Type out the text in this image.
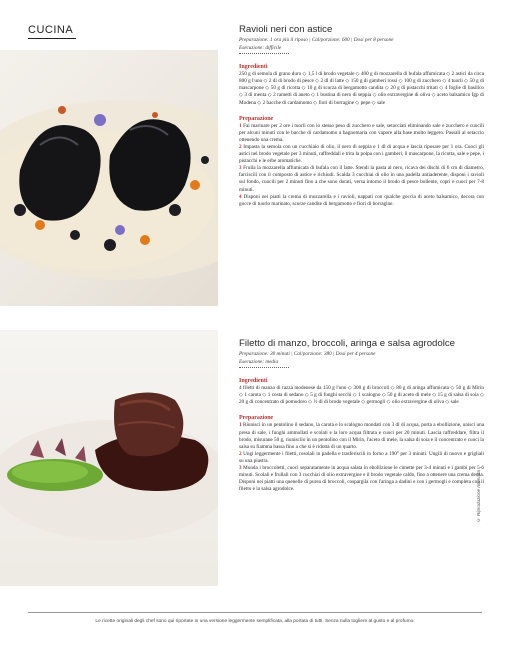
CUCINA	Ravioli neri con astice
Preparazione: 1 ora più il riposo | Cal/porzione: 600 | Dosi per 8 persone
Esecuzione: difficile
Ingredienti

250 g di semola di grano duro ◇ 1,5 l di brodo vegetale ◇ 400 g di mozzarella di bufala affumicata ◇ 2 astici da circa 800 g l'uno ◇ 2 dl di brodo di pesce ◇ 2 dl di latte ◇ 150 g di gamberi rossi ◇ 100 g di zucchero ◇ 4 tuorli ◇ 50 g di mascarpone ◇ 50 g di ricotta ◇ 10 g di scorza di bergamotto candita ◇ 20 g di pistacchi tritati ◇ 4 foglie di basilico ◇ 3 di menta ◇ 2 rametti di aneto ◇ 1 bustina di nero di seppia ◇ olio extravergine di oliva ◇ aceto balsamico Igp di Modena ◇ 2 bacche di cardamomo ◇ fiori di borragine ◇ pepe ◇ sale

Preparazione

1 Fai marinare per 2 ore i tuorli con lo stesso peso di zucchero e sale, setacciati eliminando sale e zucchero e cuocili per alcuni minuti con le bacche di cardamomo a bagnomaria con vapore alla base molto leggero. Passali al setaccio ottenendo una crema.

2 Impasta la semola con un cucchiaio di olio, il nero di seppia e 1 dl di acqua e lascia riposare per 1 ora. Cuoci gli astici nel brodo vegetale per 3 minuti, raffreddali e trita la polpa con i gamberi, il mascarpone, la ricotta, sale e pepe, i pistacchi e le erbe aromatiche.

3 Frulla la mozzarella affumicata di bufala con il latte. Stendi la pasta al nero, ricava dei dischi di 6 cm di diametro, farciscili con il composto di astice e richiudi. Scalda 3 cucchiai di olio in una padella antiaderente, disponi i ravioli sul fondo, cuocili per 2 minuti fino a che sono dorati, versa intorno il brodo di pesce bollente, copri e cuoci per 7-8 minuti.

4 Disponi nei piatti la crema di mozzarella e i ravioli, nappati con qualche goccia di aceto balsamico, decora con gocce di tuorlo marinato, scorze candite di bergamotto e fiori di borragine.

Filetto di manzo, broccoli, aringa e salsa agrodolce
Preparazione: 30 minuti | Cal/porzione: 380 | Dosi per 4 persone
Esecuzione: media
Ingredienti

4 filetti di manzo di razza modenese da 150 g l'uno ◇ 300 g di broccoli ◇ 80 g di aringa affumicata ◇ 50 g di Mirin ◇ 1 carota ◇ 1 costa di sedano ◇ 5 g di funghi secchi ◇ 1 scalogno ◇ 50 g di aceto di mele ◇ 15 g di salsa di soia ◇ 20 g di concentrato di pomodoro ◇ ½ dl di brodo vegetale ◇ germogli ◇ olio extravergine di oliva ◇ sale

Preparazione

1 Riunisci in un pentolino il sedano, la carota e lo scalogno mondati con 3 dl di acqua, porta a ebollizione, unisci una presa di sale, i funghi ammollati e scolati e la loro acqua filtrata e cuoci per 20 minuti. Lascia raffreddare, filtra il brodo, misurane 50 g, riuniscilo in un pentolino con il Mirin, l'aceto di mele, la salsa di soia e il concentrato e cuoci la salsa su fiamma bassa fino a che si è ridotta di un quarto.

2 Ungi leggermente i filetti, rosolali in padella e trasferiscili in forno a 190° per 3 minuti. Ungili di nuovo e grigliali su una piastra.

3 Monda i broccoletti, cuoci separatamente in acqua salata in ebollizione le cimette per 3-4 minuti e i gambi per 5-6 minuti. Scolali e frullali con 3 cucchiai di olio extravergine e il brodo vegetale caldo, fino a ottenere una crema densa. Disponi nei piatti una quenelle di purea di broccoli, cospargila con l'aringa a dadini e con i germogli e completa con il filetto e la salsa agrodolce.	© Riproduzione riservata
Le ricette originali degli chef sono qui riportate in una versione leggermente semplificata, alla portata di tutti. Senza nulla togliere al gusto e al profumo.
